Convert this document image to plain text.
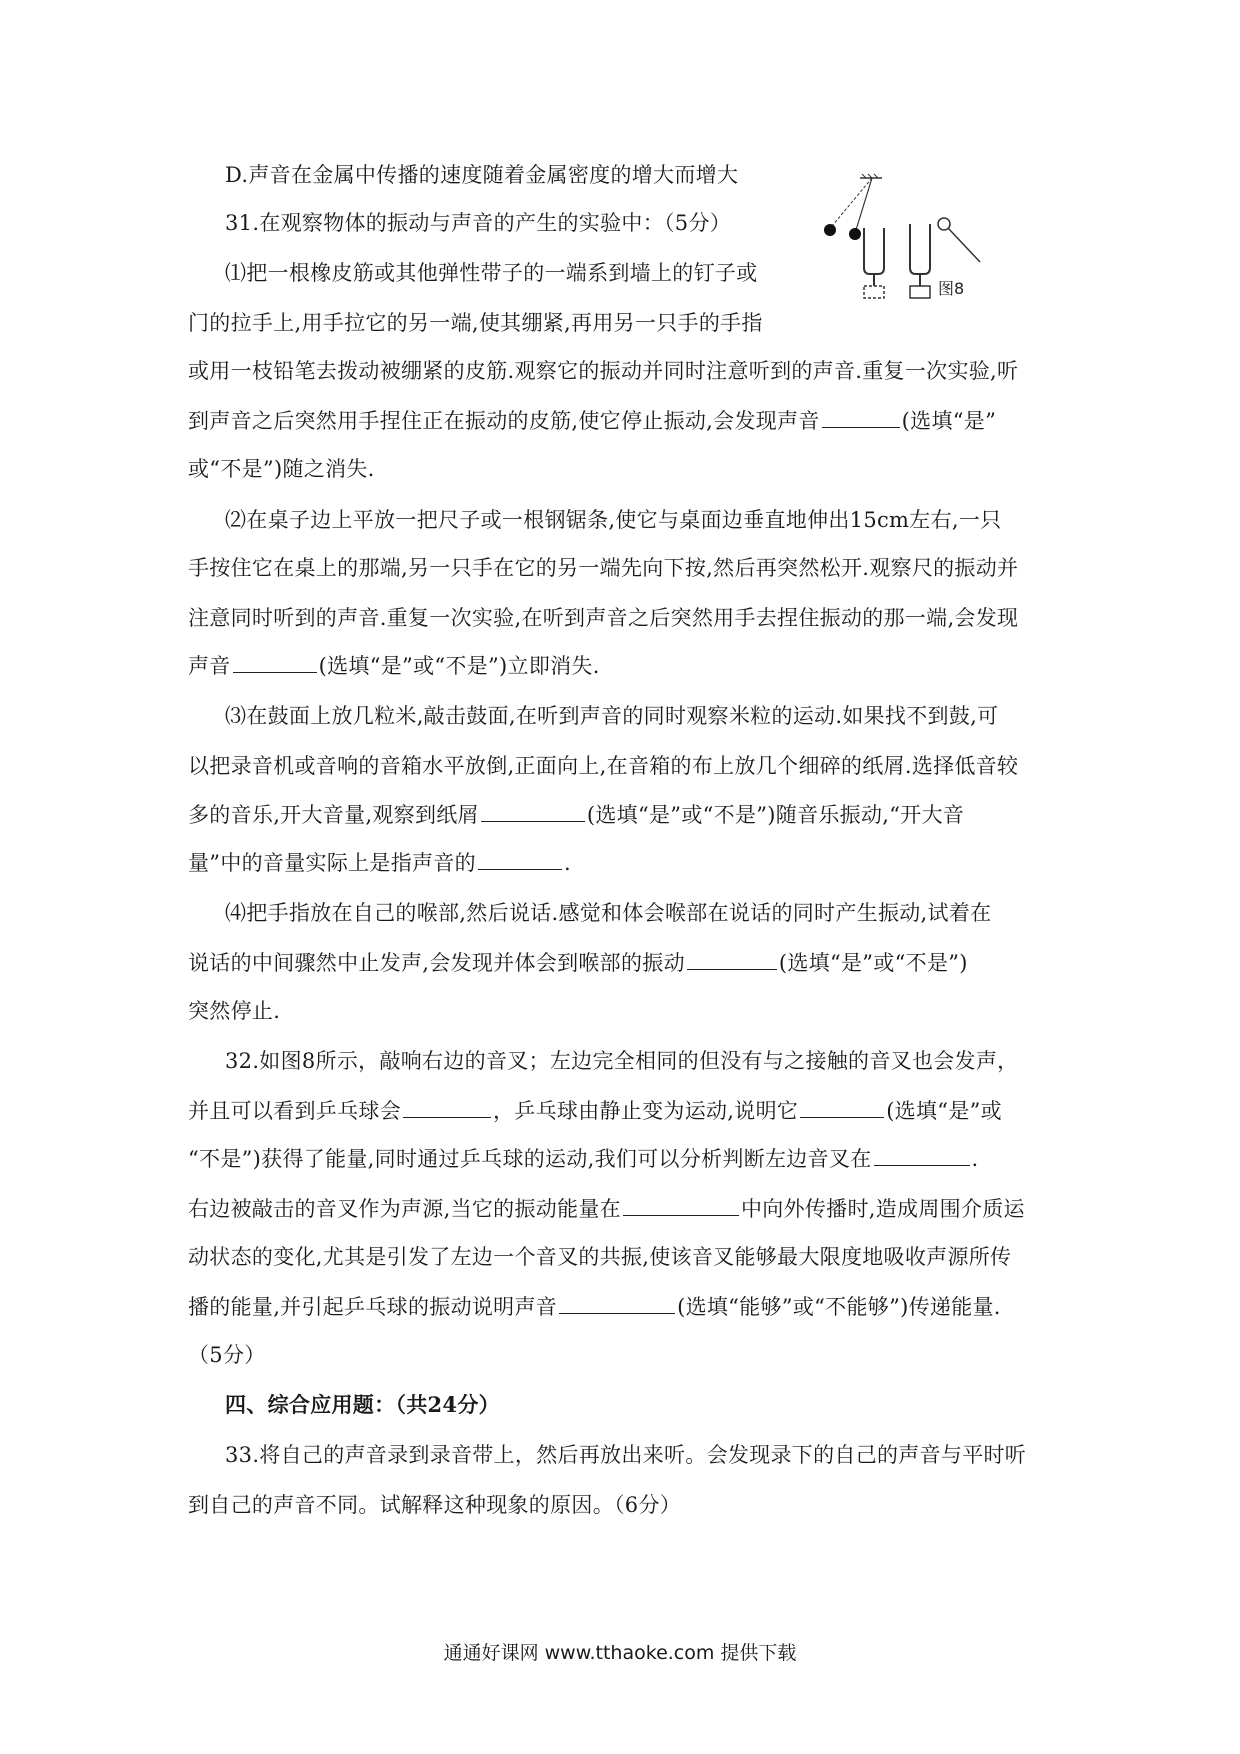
D.声音在金属中传播的速度随着金属密度的增大而增大
31.在观察物体的振动与声音的产生的实验中：（5分）
⑴把一根橡皮筋或其他弹性带子的一端系到墙上的钉子或
门的拉手上,用手拉它的另一端,使其绷紧,再用另一只手的手指
或用一枝铅笔去拨动被绷紧的皮筋.观察它的振动并同时注意听到的声音.重复一次实验,听
到声音之后突然用手捏住正在振动的皮筋,使它停止振动,会发现声音	(选填“是”
或“不是”)随之消失.
⑵在桌子边上平放一把尺子或一根钢锯条,使它与桌面边垂直地伸出15cm左右,一只
手按住它在桌上的那端,另一只手在它的另一端先向下按,然后再突然松开.观察尺的振动并
注意同时听到的声音.重复一次实验,在听到声音之后突然用手去捏住振动的那一端,会发现
声音	(选填“是”或“不是”)立即消失.
⑶在鼓面上放几粒米,敲击鼓面,在听到声音的同时观察米粒的运动.如果找不到鼓,可
以把录音机或音响的音箱水平放倒,正面向上,在音箱的布上放几个细碎的纸屑.选择低音较
多的音乐,开大音量,观察到纸屑	(选填“是”或“不是”)随音乐振动,“开大音
量”中的音量实际上是指声音的	.
⑷把手指放在自己的喉部,然后说话.感觉和体会喉部在说话的同时产生振动,试着在
说话的中间骤然中止发声,会发现并体会到喉部的振动	(选填“是”或“不是”)
突然停止.
32.如图8所示，敲响右边的音叉；左边完全相同的但没有与之接触的音叉也会发声，
并且可以看到乒乓球会	，乒乓球由静止变为运动,说明它	(选填“是”或
“不是”)获得了能量,同时通过乒乓球的运动,我们可以分析判断左边音叉在	.
右边被敲击的音叉作为声源,当它的振动能量在	中向外传播时,造成周围介质运
动状态的变化,尤其是引发了左边一个音叉的共振,使该音叉能够最大限度地吸收声源所传
播的能量,并引起乒乓球的振动说明声音	(选填“能够”或“不能够”)传递能量.
（5分）
四、综合应用题：（共24分）
33.将自己的声音录到录音带上，然后再放出来听。会发现录下的自己的声音与平时听
到自己的声音不同。试解释这种现象的原因。（6分）
图8
通通好课网 www.tthaoke.com 提供下载
